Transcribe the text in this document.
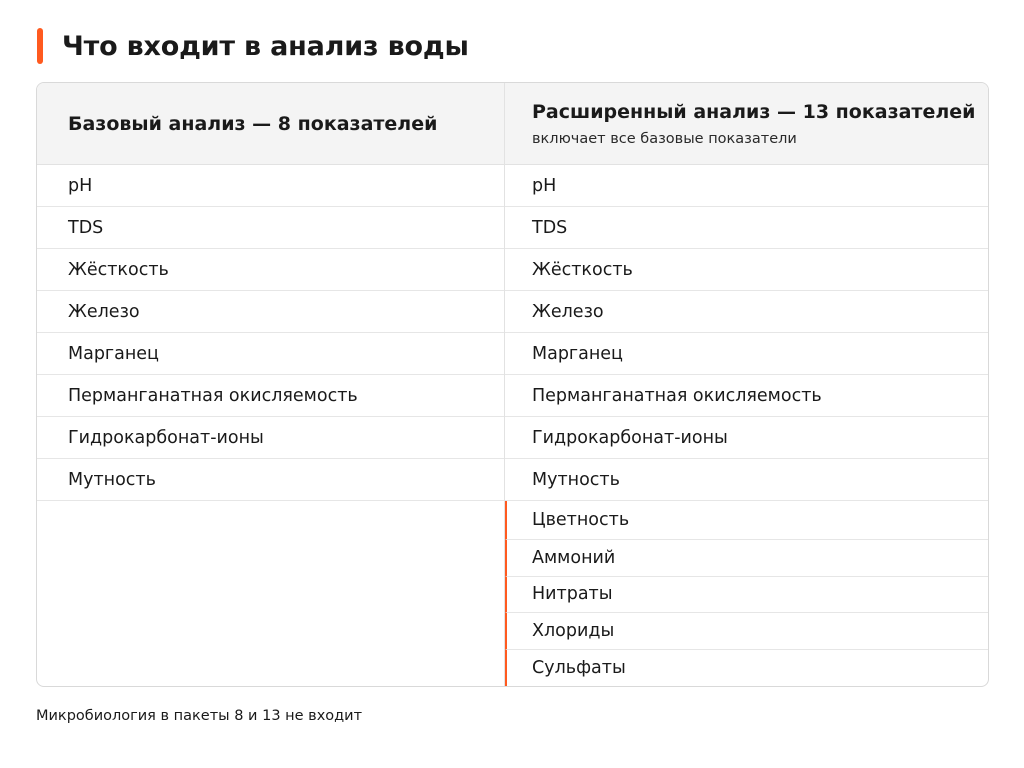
Что входит в анализ воды
Базовый анализ — 8 показателей
Расширенный анализ — 13 показателей
включает все базовые показатели
pH
TDS
Жёсткость
Железо
Марганец
Перманганатная окисляемость
Гидрокарбонат-ионы
Мутность
pH
TDS
Жёсткость
Железо
Марганец
Перманганатная окисляемость
Гидрокарбонат-ионы
Мутность
Цветность
Аммоний
Нитраты
Хлориды
Сульфаты
Микробиология в пакеты 8 и 13 не входит
